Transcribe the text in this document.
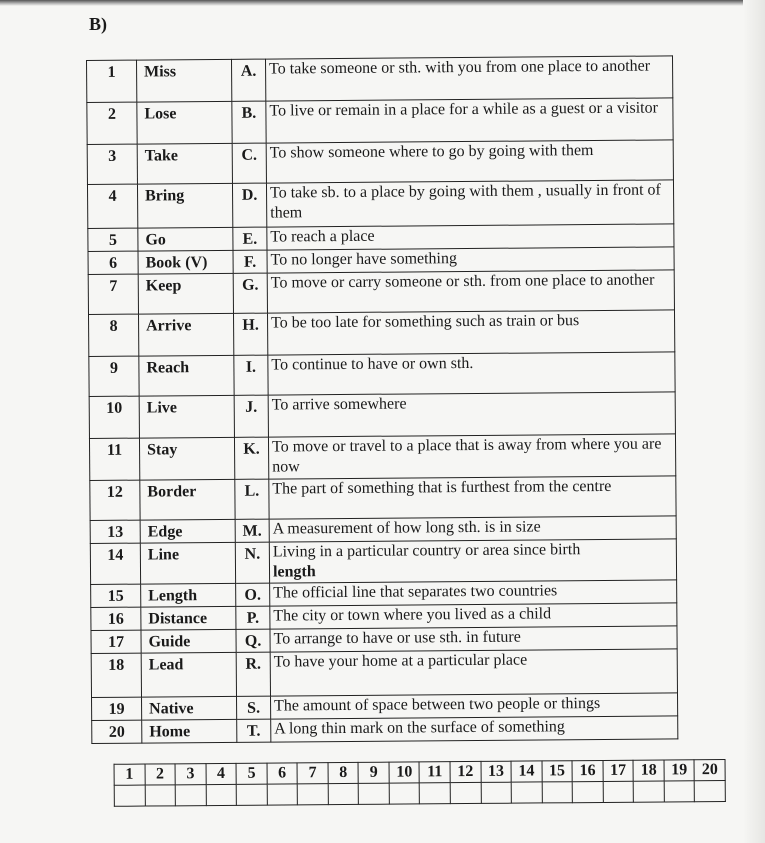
B)
1	Miss	A.	To take someone or sth. with you from one place to another
2	Lose	B.	To live or remain in a place for a while as a guest or a visitor
3	Take	C.	To show someone where to go by going with them
4	Bring	D.	To take sb. to a place by going with them , usually in front of them
5	Go	E.	To reach a place
6	Book (V)	F.	To no longer have something
7	Keep	G.	To move or carry someone or sth. from one place to another
8	Arrive	H.	To be too late for something such as train or bus
9	Reach	I.	To continue to have or own sth.
10	Live	J.	To arrive somewhere
11	Stay	K.	To move or travel to a place that is away from where you are now
12	Border	L.	The part of something that is furthest from the centre
13	Edge	M.	A measurement of how long sth. is in size
14	Line	N.	Living in a particular country or area since birth
length

15	Length	O.	The official line that separates two countries
16	Distance	P.	The city or town where you lived as a child
17	Guide	Q.	To arrange to have or use sth. in future
18	Lead	R.	To have your home at a particular place
19	Native	S.	The amount of space between two people or things
20	Home	T.	A long thin mark on the surface of something
1	2	3	4	5	6	7	8	9	10	11	12	13	14	15	16	17	18	19	20
